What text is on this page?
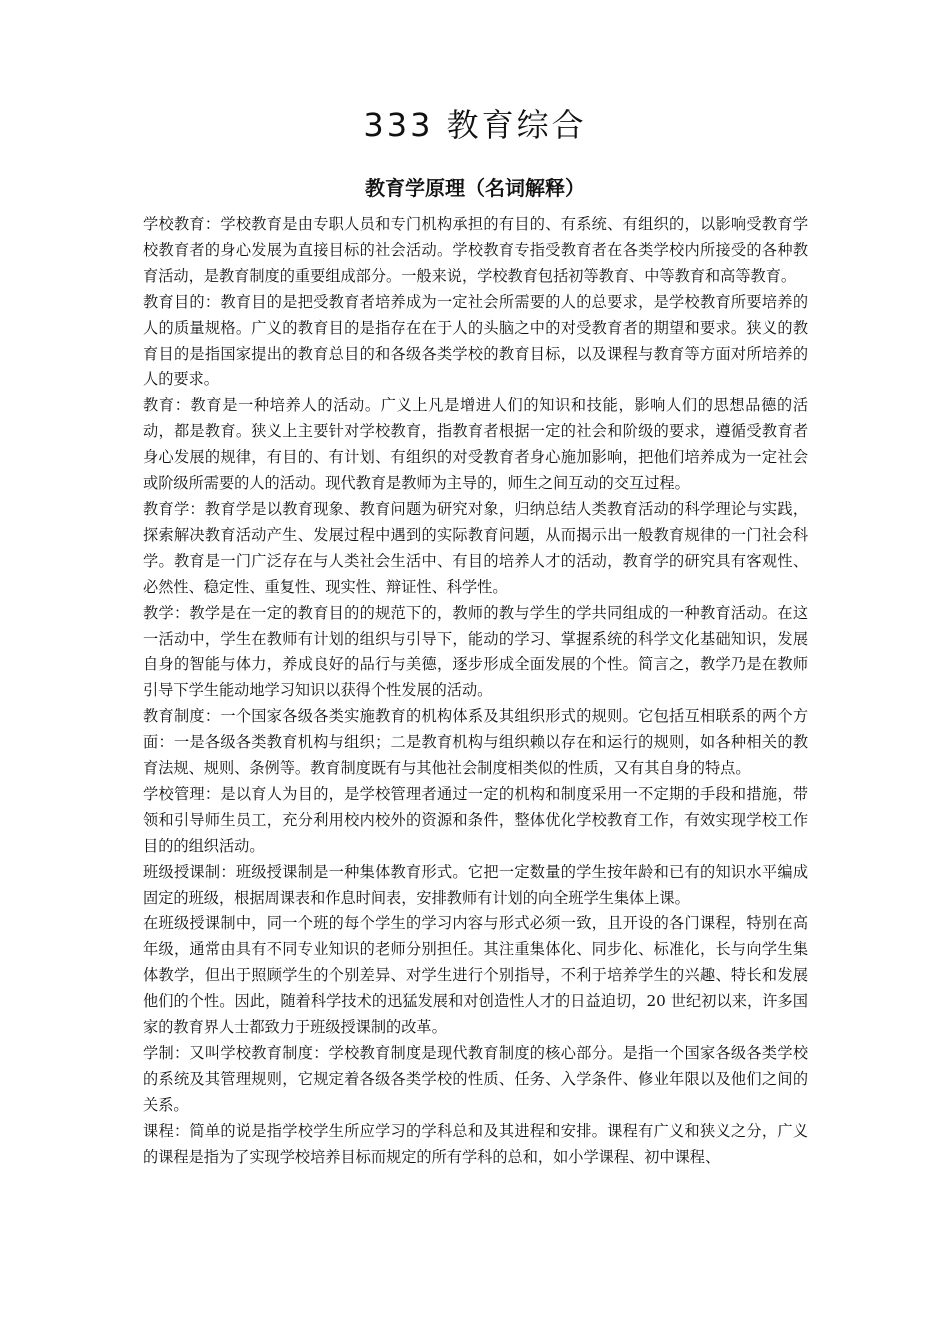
333 教育综合
教育学原理（名词解释）

学校教育：学校教育是由专职人员和专门机构承担的有目的、有系统、有组织的，以影响受教育学校教育者的身心发展为直接目标的社会活动。学校教育专指受教育者在各类学校内所接受的各种教育活动，是教育制度的重要组成部分。一般来说，学校教育包括初等教育、中等教育和高等教育。

教育目的：教育目的是把受教育者培养成为一定社会所需要的人的总要求，是学校教育所要培养的人的质量规格。广义的教育目的是指存在在于人的头脑之中的对受教育者的期望和要求。狭义的教育目的是指国家提出的教育总目的和各级各类学校的教育目标，以及课程与教育等方面对所培养的人的要求。

教育：教育是一种培养人的活动。广义上凡是增进人们的知识和技能，影响人们的思想品德的活动，都是教育。狭义上主要针对学校教育，指教育者根据一定的社会和阶级的要求，遵循受教育者身心发展的规律，有目的、有计划、有组织的对受教育者身心施加影响，把他们培养成为一定社会或阶级所需要的人的活动。现代教育是教师为主导的，师生之间互动的交互过程。

教育学：教育学是以教育现象、教育问题为研究对象，归纳总结人类教育活动的科学理论与实践，探索解决教育活动产生、发展过程中遇到的实际教育问题，从而揭示出一般教育规律的一门社会科学。教育是一门广泛存在与人类社会生活中、有目的培养人才的活动，教育学的研究具有客观性、必然性、稳定性、重复性、现实性、辩证性、科学性。

教学：教学是在一定的教育目的的规范下的，教师的教与学生的学共同组成的一种教育活动。在这一活动中，学生在教师有计划的组织与引导下，能动的学习、掌握系统的科学文化基础知识，发展自身的智能与体力，养成良好的品行与美德，逐步形成全面发展的个性。简言之，教学乃是在教师引导下学生能动地学习知识以获得个性发展的活动。

教育制度：一个国家各级各类实施教育的机构体系及其组织形式的规则。它包括互相联系的两个方面：一是各级各类教育机构与组织；二是教育机构与组织赖以存在和运行的规则，如各种相关的教育法规、规则、条例等。教育制度既有与其他社会制度相类似的性质，又有其自身的特点。

学校管理：是以育人为目的，是学校管理者通过一定的机构和制度采用一不定期的手段和措施，带领和引导师生员工，充分利用校内校外的资源和条件，整体优化学校教育工作，有效实现学校工作目的的组织活动。

班级授课制：班级授课制是一种集体教育形式。它把一定数量的学生按年龄和已有的知识水平编成固定的班级，根据周课表和作息时间表，安排教师有计划的向全班学生集体上课。

在班级授课制中，同一个班的每个学生的学习内容与形式必须一致，且开设的各门课程，特别在高年级，通常由具有不同专业知识的老师分别担任。其注重集体化、同步化、标准化，长与向学生集体教学，但出于照顾学生的个别差异、对学生进行个别指导，不利于培养学生的兴趣、特长和发展他们的个性。因此，随着科学技术的迅猛发展和对创造性人才的日益迫切，20 世纪初以来，许多国家的教育界人士都致力于班级授课制的改革。

学制：又叫学校教育制度：学校教育制度是现代教育制度的核心部分。是指一个国家各级各类学校的系统及其管理规则，它规定着各级各类学校的性质、任务、入学条件、修业年限以及他们之间的关系。

课程：简单的说是指学校学生所应学习的学科总和及其进程和安排。课程有广义和狭义之分，广义的课程是指为了实现学校培养目标而规定的所有学科的总和，如小学课程、初中课程、
